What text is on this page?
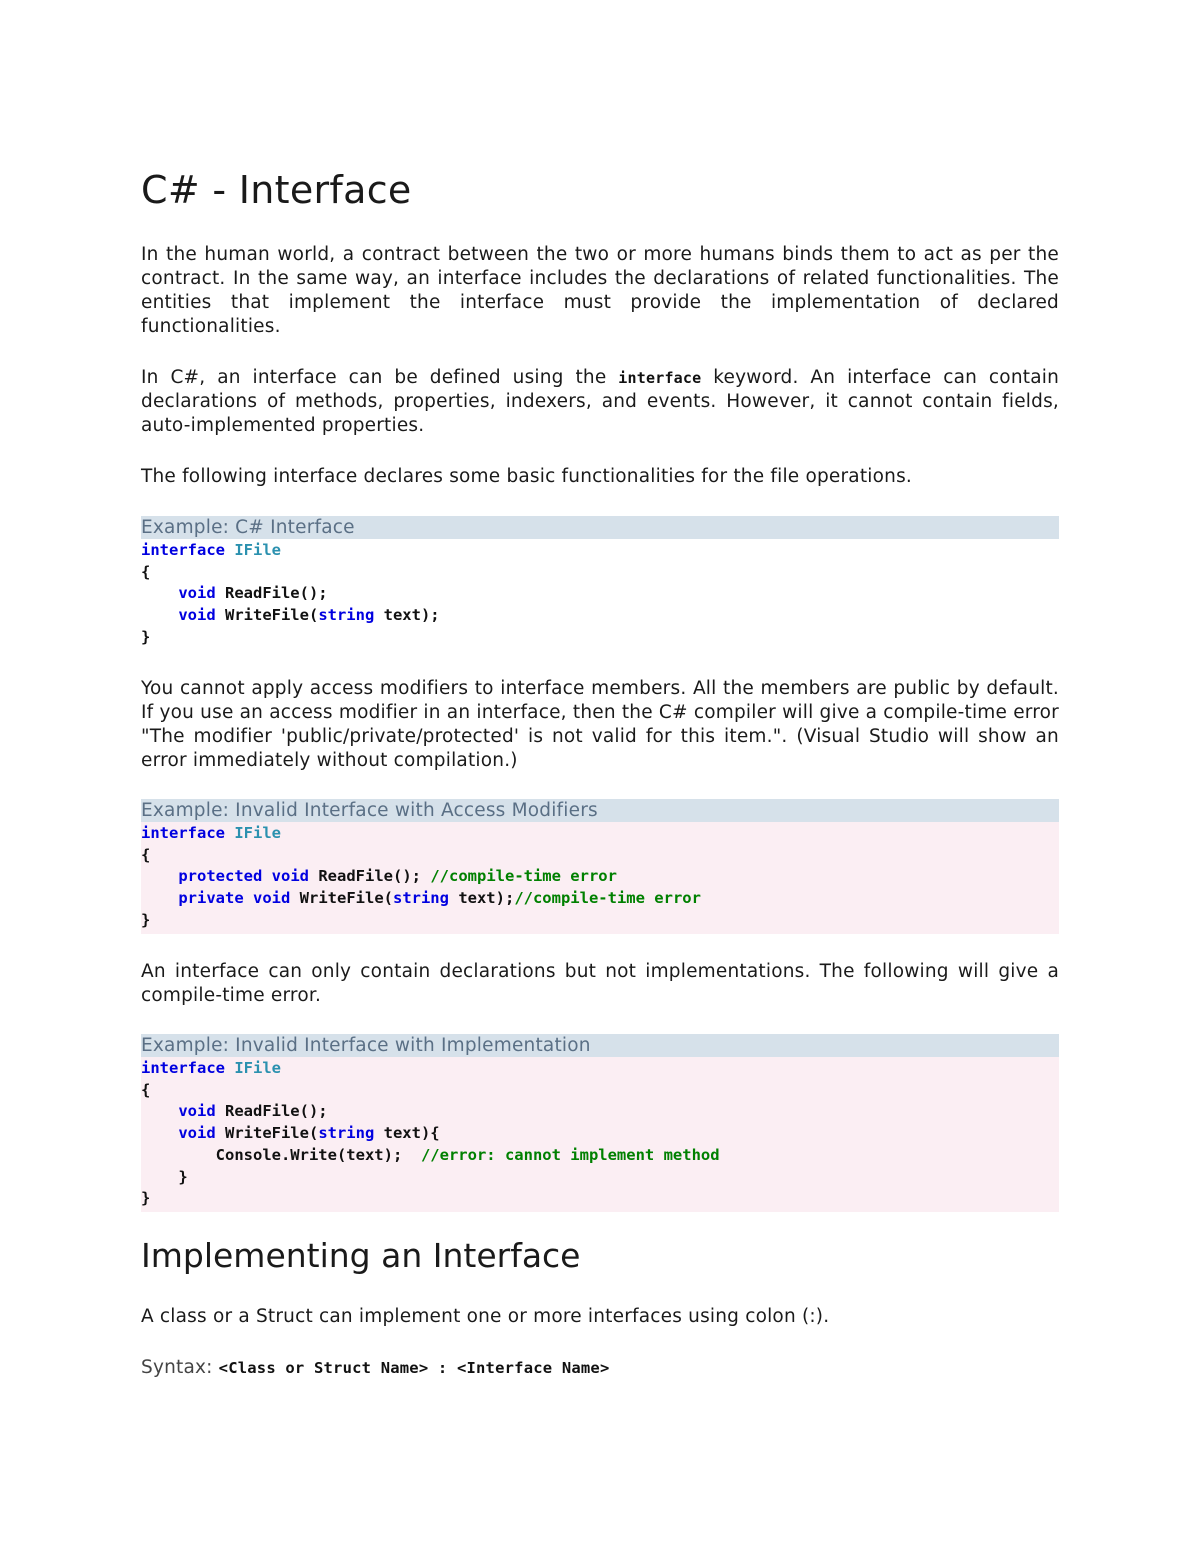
C# - Interface

In the human world, a contract between the two or more humans binds them to act as per the contract. In the same way, an interface includes the declarations of related functionalities. The entities that implement the interface must provide the implementation of declared functionalities.

In C#, an interface can be defined using the interface keyword. An interface can contain declarations of methods, properties, indexers, and events. However, it cannot contain fields, auto-implemented properties.

The following interface declares some basic functionalities for the file operations.

Example: C# Interface
interface IFile
{
void ReadFile();
void WriteFile(string text);
}

You cannot apply access modifiers to interface members. All the members are public by default. If you use an access modifier in an interface, then the C# compiler will give a compile-time error "The modifier 'public/private/protected' is not valid for this item.". (Visual Studio will show an error immediately without compilation.)

Example: Invalid Interface with Access Modifiers
interface IFile
{
protected void ReadFile(); //compile-time error
private void WriteFile(string text);//compile-time error
}

An interface can only contain declarations but not implementations. The following will give a compile-time error.

Example: Invalid Interface with Implementation
interface IFile
{
void ReadFile();
void WriteFile(string text){
Console.Write(text);  //error: cannot implement method
}
}
Implementing an Interface

A class or a Struct can implement one or more interfaces using colon (:).

Syntax: <Class or Struct Name> : <Interface Name>
